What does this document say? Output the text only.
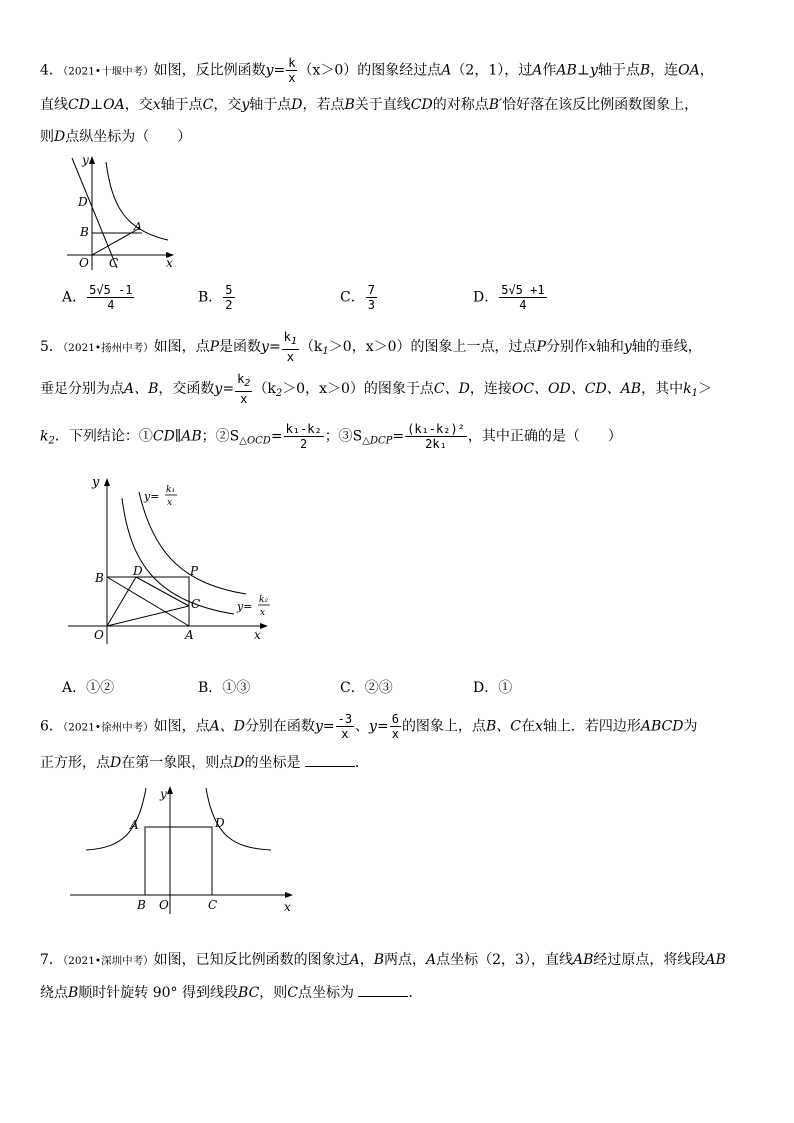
4．（2021•十堰中考）如图，反比例函数$y= \frac{k}{x} (x>0)$的图象经过点A（2，1），过A作AB⊥y轴于点B，连OA，
直线CD⊥OA，交x轴于点C，交y轴于点D，若点B关于直线CD的对称点B′恰好落在该反比例函数图象上，
则D点纵坐标为（　　）
y
D
B	A
O C	x
A． $\frac{5√5 -1}{4}$	B． $\frac{5}{2}$	C． $\frac{7}{3}$	D． $\frac{5√5 +1}{4}$
5．（2021•扬州中考）如图，点P是函数$y= \frac{k_1}{x} (k_1>0$，x＞0）的图象上一点，过点P分别作x轴和y轴的垂线，
垂足分别为点A、B，交函数$y= \frac{k_2}{x} (k_2>0$，x＞0）的图象于点C、D，连接OC、OD、CD、AB，其中$k_1>$
$k_2$．下列结论：①CD∥AB；$②S_{\triangle OCD}= \frac{\text{k₁-k₂}}{2}$ ；$③S_{\triangle DCP}= \frac{\text{(k₁-k₂)²}}{\text{2k₁}}$ ，其中正确的是（　　）
y
y= k₁
x
B D	P
C	y= k₂
x
O	A	x
A．①②	B．①③	C．②③	D．①
6．（2021•徐州中考）如图，点A、D分别在函数$y= \frac{-3}{x}$ 、$y= \frac{6}{x}$ 的图象上，点B、C在x轴上．若四边形ABCD为
正方形，点D在第一象限，则点D的坐标是	．
y
A	D
B O	C	x
7．（2021•深圳中考）如图，已知反比例函数的图象过A，B两点，A点坐标（2，3），直线AB经过原点，将线段AB
绕点B顺时针旋转 90° 得到线段BC，则C点坐标为	．
